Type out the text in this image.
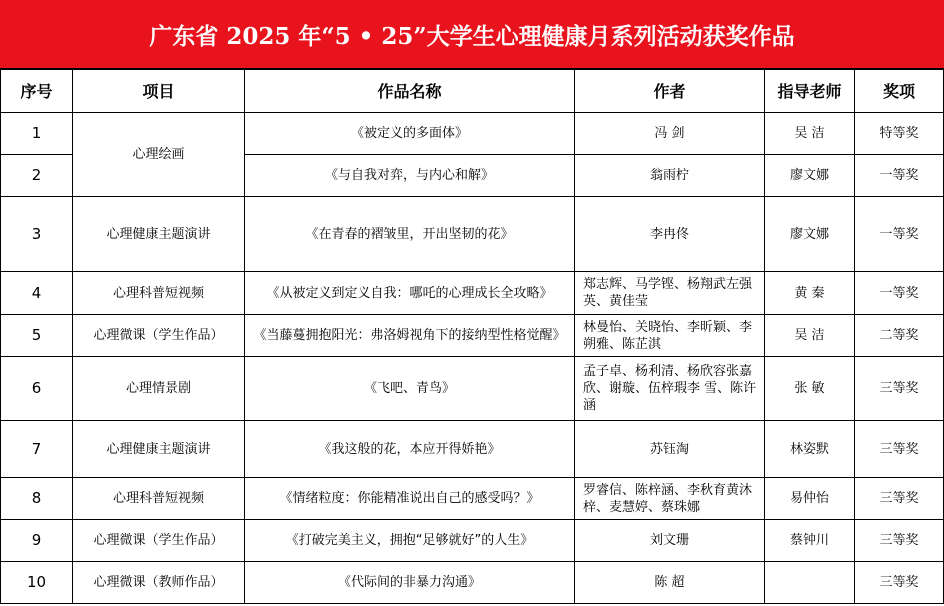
广东省 2025 年“5 • 25”大学生心理健康月系列活动获奖作品
序号	项目	作品名称	作者	指导老师	奖项
1	心理绘画	《被定义的多面体》	冯 剑	吴 洁	特等奖
2		《与自我对弈，与内心和解》	翁雨柠	廖文娜	一等奖
3	心理健康主题演讲	《在青春的褶皱里，开出坚韧的花》	李冉佟	廖文娜	一等奖
4	心理科普短视频	《从被定义到定义自我：哪吒的心理成长全攻略》	郑志辉、马学铿、杨翔武左强英、黄佳莹	黄 秦	一等奖
5	心理微课（学生作品）	《当藤蔓拥抱阳光：弗洛姆视角下的接纳型性格觉醒》	林曼怡、关晓怡、李昕颖、李朔雅、陈芷淇	吴 洁	二等奖
6	心理情景剧	《飞吧、青鸟》	孟子卓、杨利清、杨欣容张嘉欣、谢璇、伍梓瑕李 雪、陈许涵	张 敏	三等奖
7	心理健康主题演讲	《我这般的花，本应开得娇艳》	苏钰淘	林姿默	三等奖
8	心理科普短视频	《情绪粒度：你能精准说出自己的感受吗？》	罗睿信、陈梓涵、李秋育黄沐梓、麦慧婷、蔡珠娜	易仲怡	三等奖
9	心理微课（学生作品）	《打破完美主义，拥抱“足够就好”的人生》	刘文珊	蔡钟川	三等奖
10	心理微课（教师作品）	《代际间的非暴力沟通》	陈 超		三等奖
